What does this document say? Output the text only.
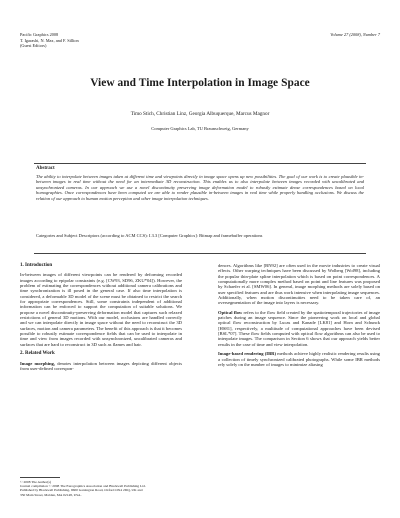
Pacific Graphics 2008
T. Igarashi, N. Max, and F. Sillion
(Guest Editors)
Volume 27 (2008), Number 7
View and Time Interpolation in Image Space
Timo Stich, Christian Linz, Georgia Albuquerque, Marcus Magnor
Computer Graphics Lab, TU Braunschweig, Germany
Abstract
The ability to interpolate between images taken at different time and viewpoints directly in image space opens up new possibilities. The goal of our work is to create plausible in-between images in real time without the need for an intermediate 3D reconstruction. This enables us to also interpolate between images recorded with uncalibrated and unsynchronized cameras. In our approach we use a novel discontinuity preserving image deformation model to robustly estimate dense correspondences based on local homographies. Once correspondences have been computed we are able to render plausible in-between images in real time while properly handling occlusions. We discuss the relation of our approach to human motion perception and other image interpolation techniques.
Categories and Subject Descriptors (according to ACM CCS): I.3.3 [Computer Graphics]: Bitmap and framebuffer operations
1. Introduction

In-between images of different viewpoints can be rendered by deforming recorded images according to epipolar constraints (e.g. [CW93, SD96, ZKU*04]). However, the problem of estimating the correspondences without additional camera calibrations and time synchronization is ill posed in the general case. If also time interpolation is considered, a deformable 3D model of the scene must be obtained to restrict the search for appropriate correspondences. Still, some constraints independent of additional information can be enforced to support the computation of suitable solutions. We propose a novel discontinuity-preserving deformation model that captures such relaxed restrictions of general 3D motions. With our model, occlusions are handled correctly and we can interpolate directly in image space without the need to reconstruct the 3D surfaces, motion and camera parameters. The benefit of this approach is that it becomes possible to robustly estimate correspondence fields that can be used to interpolate in time and view from images recorded with unsynchronized, uncalibrated cameras and surfaces that are hard to reconstruct in 3D such as flames and hair.

2. Related Work

Image morphing, denotes interpolation between images depicting different objects from user-defined correspon-

dences. Algorithms like [BN92] are often used in the movie industries to create visual effects. Other warping techniques have been discussed by Wolberg [Wol98], including the popular thin-plate spline interpolation which is based on point correspondences. A computationally more complex method based on point and line features was proposed by Schaefer et al. [SMW06]. In general, image morphing methods are solely based on user specified features and are thus work intensive when interpolating image sequences. Additionally, when motion discontinuities need to be taken care of, an oversegmentation of the image into layers is necessary.

Optical flow refers to the flow field created by the spatiotemporal trajectories of image patches during an image sequence. Since the pioneering work on local and global optical flow reconstruction by Lucas and Kanade [LK81] and Horn and Schunck [HS81], respectively, a multitude of computational approaches have been devised [BSL*07]. These flow fields computed with optical flow algorithms can also be used to interpolate images. The comparison in Section 6 shows that our approach yields better results in the case of time and view interpolation.

Image-based rendering (IBR) methods achieve highly realistic rendering results using a collection of timely synchronized calibrated photographs. While some IBR methods rely solely on the number of images to minimize aliasing

© 2008 The Author(s)
Journal compilation © 2008 The Eurographics Association and Blackwell Publishing Ltd.
Published by Blackwell Publishing, 9600 Garsington Road, Oxford OX4 2DQ, UK and
350 Main Street, Malden, MA 02148, USA.
